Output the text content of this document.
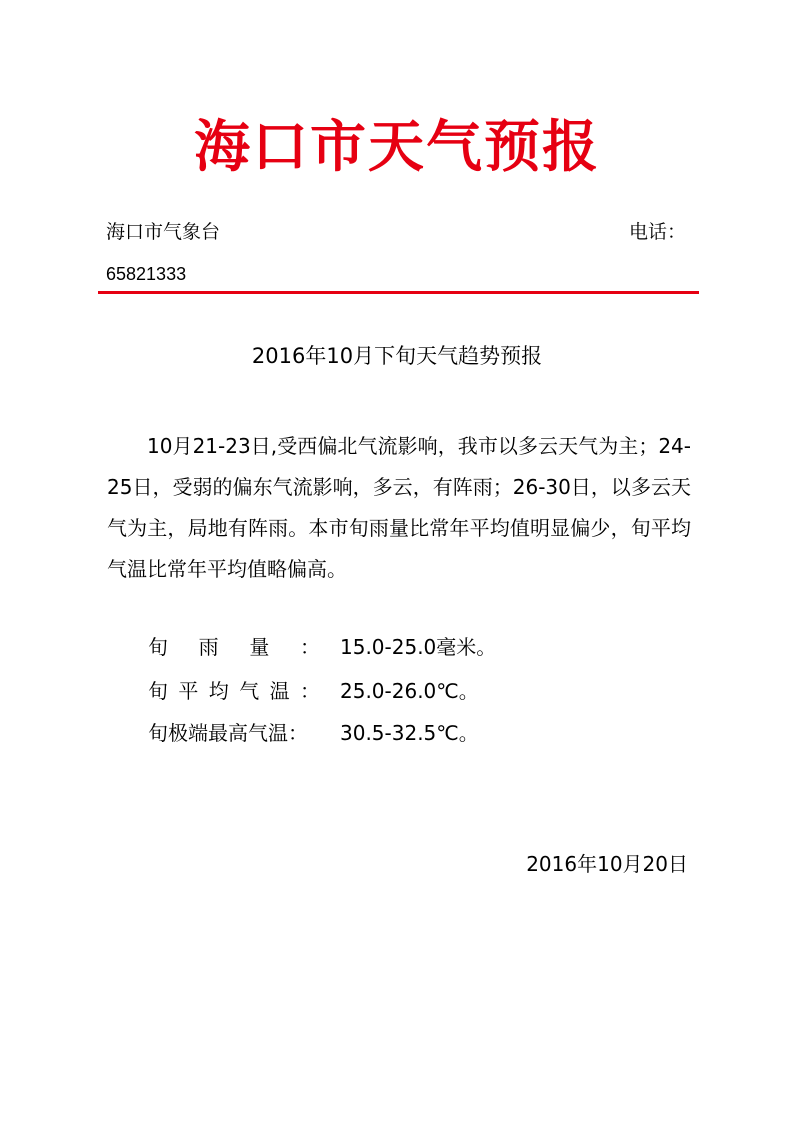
海口市天气预报
海口市气象台	电话：
65821333
2016年10月下旬天气趋势预报

10月21-23日,受西偏北气流影响，我市以多云天气为主；24-25日，受弱的偏东气流影响，多云，有阵雨；26-30日，以多云天气为主，局地有阵雨。本市旬雨量比常年平均值明显偏少，旬平均气温比常年平均值略偏高。

旬雨量： 15.0-25.0毫米。
旬平均气温： 25.0-26.0℃。
旬极端最高气温：	30.5-32.5℃。
2016年10月20日
